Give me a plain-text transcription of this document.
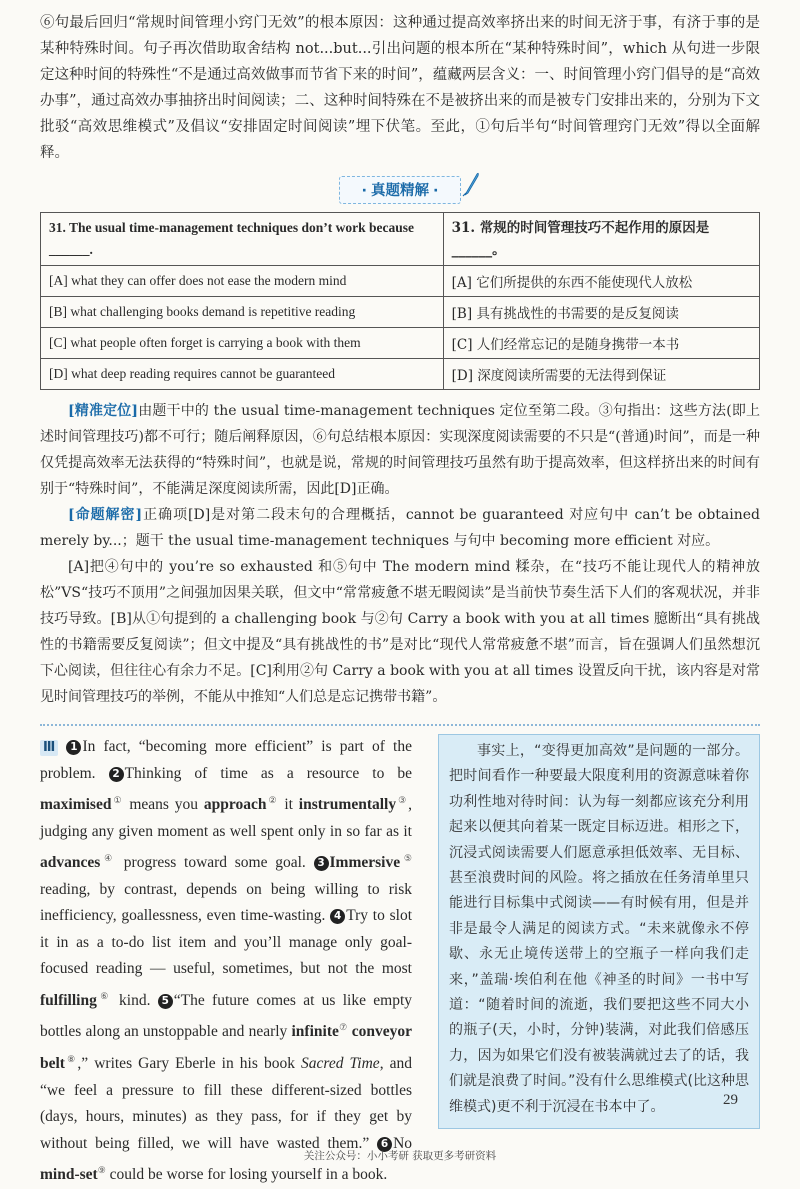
⑥句最后回归“常规时间管理小窍门无效”的根本原因：这种通过提高效率挤出来的时间无济于事，有济于事的是某种特殊时间。句子再次借助取舍结构 not...but...引出问题的根本所在“某种特殊时间”，which 从句进一步限定这种时间的特殊性“不是通过高效做事而节省下来的时间”，蕴藏两层含义：一、时间管理小窍门倡导的是“高效办事”，通过高效办事抽挤出时间阅读；二、这种时间特殊在不是被挤出来的而是被专门安排出来的，分别为下文批驳“高效思维模式”及倡议“安排固定时间阅读”埋下伏笔。至此，①句后半句“时间管理窍门无效”得以全面解释。

· 真题精解 ·
31. The usual time-management techniques don’t work because ______.	31. 常规的时间管理技巧不起作用的原因是______。
[A] what they can offer does not ease the modern mind	[A] 它们所提供的东西不能使现代人放松
[B] what challenging books demand is repetitive reading	[B] 具有挑战性的书需要的是反复阅读
[C] what people often forget is carrying a book with them	[C] 人们经常忘记的是随身携带一本书
[D] what deep reading requires cannot be guaranteed	[D] 深度阅读所需要的无法得到保证

[精准定位]由题干中的 the usual time-management techniques 定位至第二段。③句指出：这些方法(即上述时间管理技巧)都不可行；随后阐释原因，⑥句总结根本原因：实现深度阅读需要的不只是“(普通)时间”，而是一种仅凭提高效率无法获得的“特殊时间”，也就是说，常规的时间管理技巧虽然有助于提高效率，但这样挤出来的时间有别于“特殊时间”，不能满足深度阅读所需，因此[D]正确。

[命题解密]正确项[D]是对第二段末句的合理概括，cannot be guaranteed 对应句中 can’t be obtained merely by...；题干 the usual time-management techniques 与句中 becoming more efficient 对应。

[A]把④句中的 you’re so exhausted 和⑤句中 The modern mind 糅杂，在“技巧不能让现代人的精神放松”VS“技巧不顶用”之间强加因果关联，但文中“常常疲惫不堪无暇阅读”是当前快节奏生活下人们的客观状况，并非技巧导致。[B]从①句提到的 a challenging book 与②句 Carry a book with you at all times 臆断出“具有挑战性的书籍需要反复阅读”；但文中提及“具有挑战性的书”是对比“现代人常常疲惫不堪”而言，旨在强调人们虽然想沉下心阅读，但往往心有余力不足。[C]利用②句 Carry a book with you at all times 设置反向干扰，该内容是对常见时间管理技巧的举例，不能从中推知“人们总是忘记携带书籍”。

Ⅲ 1 In fact, “becoming more efficient” is part of the problem. 2 Thinking of time as a resource to be maximised① means you approach② it instrumentally③, judging any given moment as well spent only in so far as it advances④ progress toward some goal. 3 Immersive⑤ reading, by contrast, depends on being willing to risk inefficiency, goallessness, even time-wasting. 4 Try to slot it in as a to-do list item and you’ll manage only goal-focused reading — useful, sometimes, but not the most fulfilling⑥ kind. 5 “The future comes at us like empty bottles along an unstoppable and nearly infinite⑦ conveyor belt⑧,” writes Gary Eberle in his book Sacred Time, and “we feel a pressure to fill these different-sized bottles (days, hours, minutes) as they pass, for if they get by without being filled, we will have wasted them.” 6 No mind-set⑨ could be worse for losing yourself in a book.

事实上，“变得更加高效”是问题的一部分。把时间看作一种要最大限度利用的资源意味着你功利性地对待时间：认为每一刻都应该充分利用起来以便其向着某一既定目标迈进。相形之下，沉浸式阅读需要人们愿意承担低效率、无目标、甚至浪费时间的风险。将之插放在任务清单里只能进行目标集中式阅读——有时候有用，但是并非是最令人满足的阅读方式。“未来就像永不停歇、永无止境传送带上的空瓶子一样向我们走来，”盖瑞·埃伯利在他《神圣的时间》一书中写道：“随着时间的流逝，我们要把这些不同大小的瓶子(天，小时，分钟)装满，对此我们倍感压力，因为如果它们没有被装满就过去了的话，我们就是浪费了时间。”没有什么思维模式(比这种思维模式)更不利于沉浸在书本中了。	29
关注公众号：小小考研 获取更多考研资料
